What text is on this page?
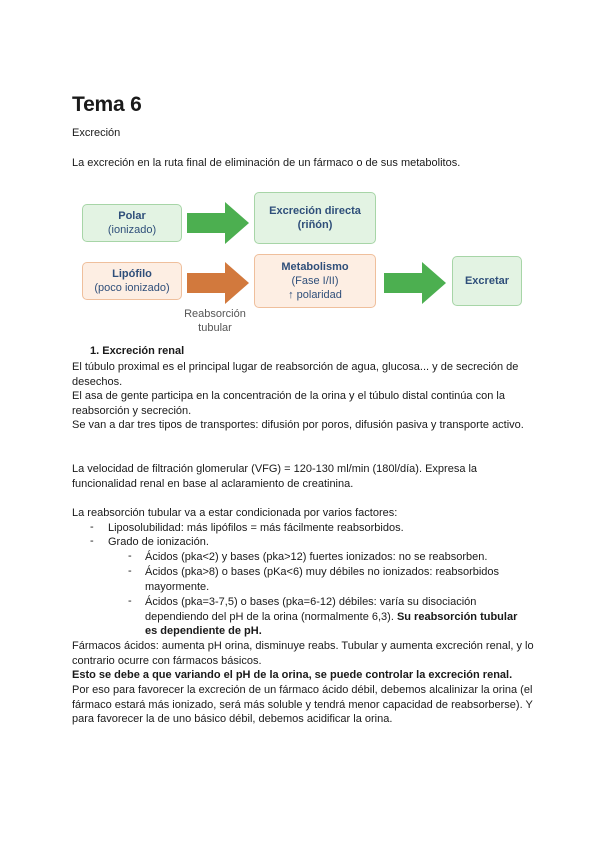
Tema 6
Excreción
La excreción en la ruta final de eliminación de un fármaco o de sus metabolitos.
Polar
(ionizado)
Excreción directa
(riñón)
Lipófilo
(poco ionizado)
Metabolismo
(Fase I/II)
↑ polaridad
Excretar
Reabsorción
tubular
1. Excreción renal
El túbulo proximal es el principal lugar de reabsorción de agua, glucosa... y de secreción de desechos.
El asa de gente participa en la concentración de la orina y el túbulo distal continúa con la reabsorción y secreción.
Se van a dar tres tipos de transportes: difusión por poros, difusión pasiva y transporte activo.
La velocidad de filtración glomerular (VFG) = 120-130 ml/min (180l/día). Expresa la funcionalidad renal en base al aclaramiento de creatinina.
La reabsorción tubular va a estar condicionada por varios factores:
- Liposolubilidad: más lipófilos = más fácilmente reabsorbidos.
- Grado de ionización.
- Ácidos (pka<2) y bases (pka>12) fuertes ionizados: no se reabsorben.
- Ácidos (pka>8) o bases (pKa<6) muy débiles no ionizados: reabsorbidos mayormente.
- Ácidos (pka=3-7,5) o bases (pka=6-12) débiles: varía su disociación dependiendo del pH de la orina (normalmente 6,3). Su reabsorción tubular es dependiente de pH.
Fármacos ácidos: aumenta pH orina, disminuye reabs. Tubular y aumenta excreción renal, y lo contrario ocurre con fármacos básicos.
Esto se debe a que variando el pH de la orina, se puede controlar la excreción renal.
Por eso para favorecer la excreción de un fármaco ácido débil, debemos alcalinizar la orina (el fármaco estará más ionizado, será más soluble y tendrá menor capacidad de reabsorberse). Y para favorecer la de uno básico débil, debemos acidificar la orina.
